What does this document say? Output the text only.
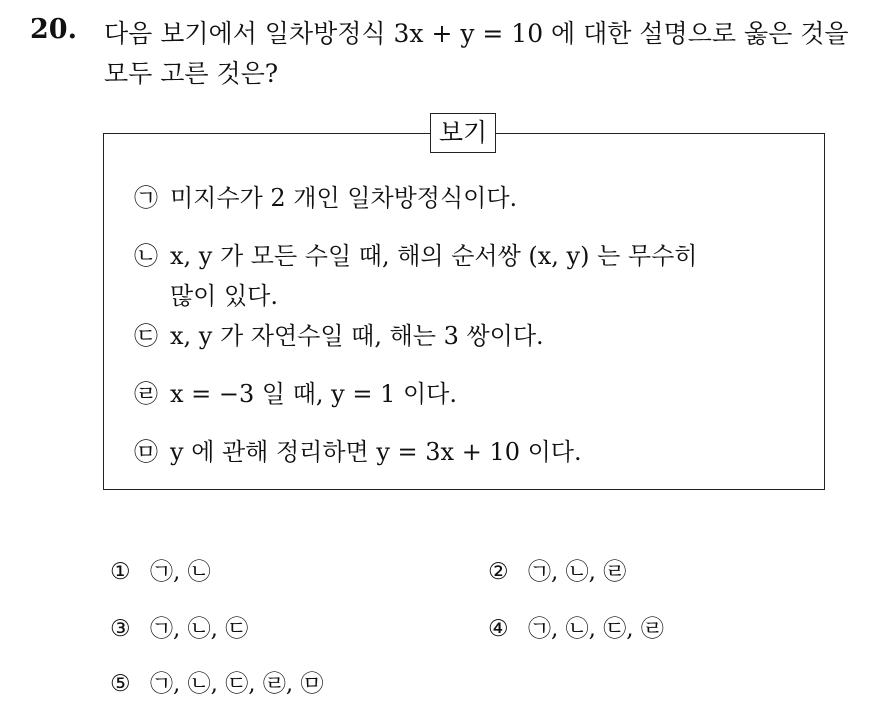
20. 다음 보기에서 일차방정식 3x + y = 10 에 대한 설명으로 옳은 것을
모두 고른 것은?
보기
㉠ 미지수가 2 개인 일차방정식이다.
㉡ x, y 가 모든 수일 때, 해의 순서쌍 (x, y) 는 무수히
많이 있다.
㉢ x, y 가 자연수일 때, 해는 3 쌍이다.
㉣ x = −3 일 때, y = 1 이다.
㉤ y 에 관해 정리하면 y = 3x + 10 이다.
① ㉠, ㉡	② ㉠, ㉡, ㉣
③ ㉠, ㉡, ㉢	④ ㉠, ㉡, ㉢, ㉣
⑤ ㉠, ㉡, ㉢, ㉣, ㉤
